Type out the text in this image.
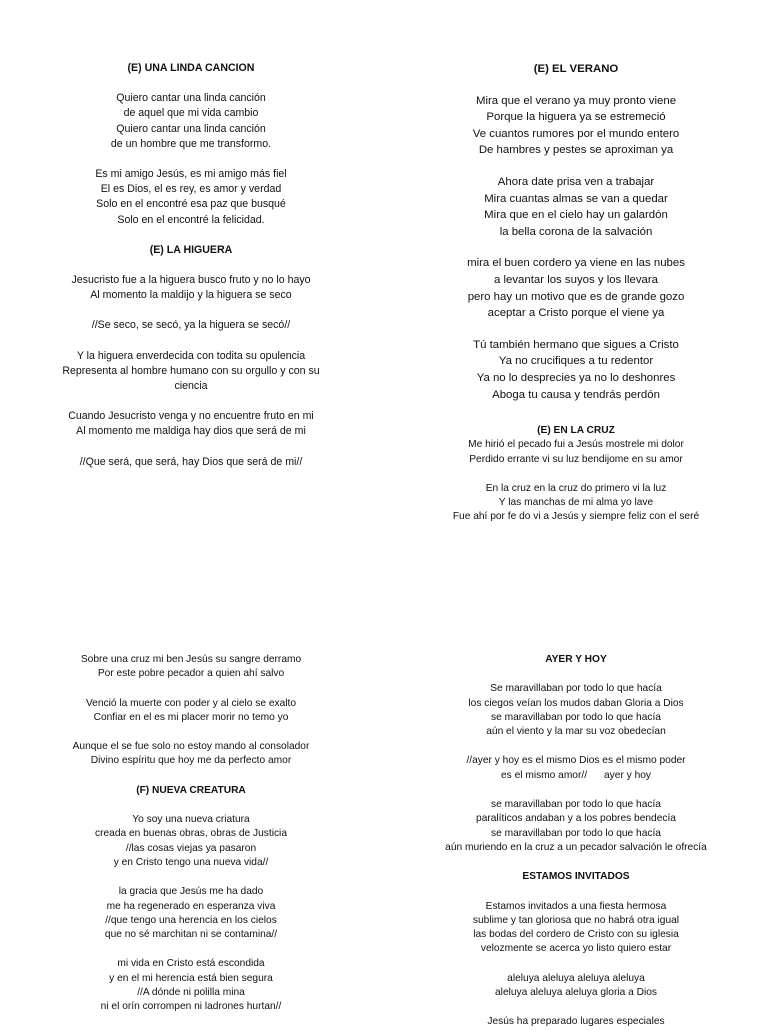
(E) UNA LINDA CANCION
Quiero cantar una linda canción
de aquel que mi vida cambio
Quiero cantar una linda canción
de un hombre que me transformo.
Es mi amigo Jesús, es mi amigo más fiel
El es Dios, el es rey, es amor y verdad
Solo en el encontré esa paz que busqué
Solo en el encontré la felicidad.
(E) LA HIGUERA
Jesucristo fue a la higuera busco fruto y no lo hayo
Al momento la maldijo y la higuera se seco
//Se seco, se secó, ya la higuera se secó//
Y la higuera enverdecida con todita su opulencia
Representa al hombre humano con su orgullo y con su
ciencia
Cuando Jesucristo venga y no encuentre fruto en mi
Al momento me maldiga hay dios que será de mi
//Que será, que será, hay Dios que será de mi//
(E) EL VERANO
Mira que el verano ya muy pronto viene
Porque la higuera ya se estremeció
Ve cuantos rumores por el mundo entero
De hambres y pestes se aproximan ya
Ahora date prisa ven a trabajar
Mira cuantas almas se van a quedar
Mira que en el cielo hay un galardón
la bella corona de la salvación
mira el buen cordero ya viene en las nubes
a levantar los suyos y los llevara
pero hay un motivo que es de grande gozo
aceptar a Cristo porque el viene ya
Tú también hermano que sigues a Cristo
Ya no crucifiques a tu redentor
Ya no lo desprecies ya no lo deshonres
Aboga tu causa y tendrás perdón
(E) EN LA CRUZ
Me hirió el pecado fui a Jesús mostrele mi dolor
Perdido errante vi su luz bendijome en su amor
En la cruz en la cruz do primero vi la luz
Y las manchas de mi alma yo lave
Fue ahí por fe do vi a Jesús y siempre feliz con el seré
Sobre una cruz mi ben Jesús su sangre derramo
Por este pobre pecador a quien ahí salvo
Venció la muerte con poder y al cielo se exalto
Confiar en el es mi placer morir no temo yo
Aunque el se fue solo no estoy mando al consolador
Divino espíritu que hoy me da perfecto amor
(F) NUEVA CREATURA
Yo soy una nueva criatura
creada en buenas obras, obras de Justicia
//las cosas viejas ya pasaron
y en Cristo tengo una nueva vida//
la gracia que Jesús me ha dado
me ha regenerado en esperanza viva
//que tengo una herencia en los cielos
que no sé marchitan ni se contamina//
mi vida en Cristo está escondida
y en el mi herencia está bien segura
//A dónde ni polilla mina
ni el orín corrompen ni ladrones hurtan//
AYER Y HOY
Se maravillaban por todo lo que hacía
los ciegos veían los mudos daban Gloria a Dios
se maravillaban por todo lo que hacía
aún el viento y la mar su voz obedecían
//ayer y hoy es el mismo Dios es el mismo poder
es el mismo amor//      ayer y hoy
se maravillaban por todo lo que hacía
paralíticos andaban y a los pobres bendecía
se maravillaban por todo lo que hacía
aún muriendo en la cruz a un pecador salvación le ofrecía
ESTAMOS INVITADOS
Estamos invitados a una fiesta hermosa
sublime y tan gloriosa que no habrá otra igual
las bodas del cordero de Cristo con su iglesia
velozmente se acerca yo listo quiero estar
aleluya aleluya aleluya aleluya
aleluya aleluya aleluya gloria a Dios
Jesús ha preparado lugares especiales
